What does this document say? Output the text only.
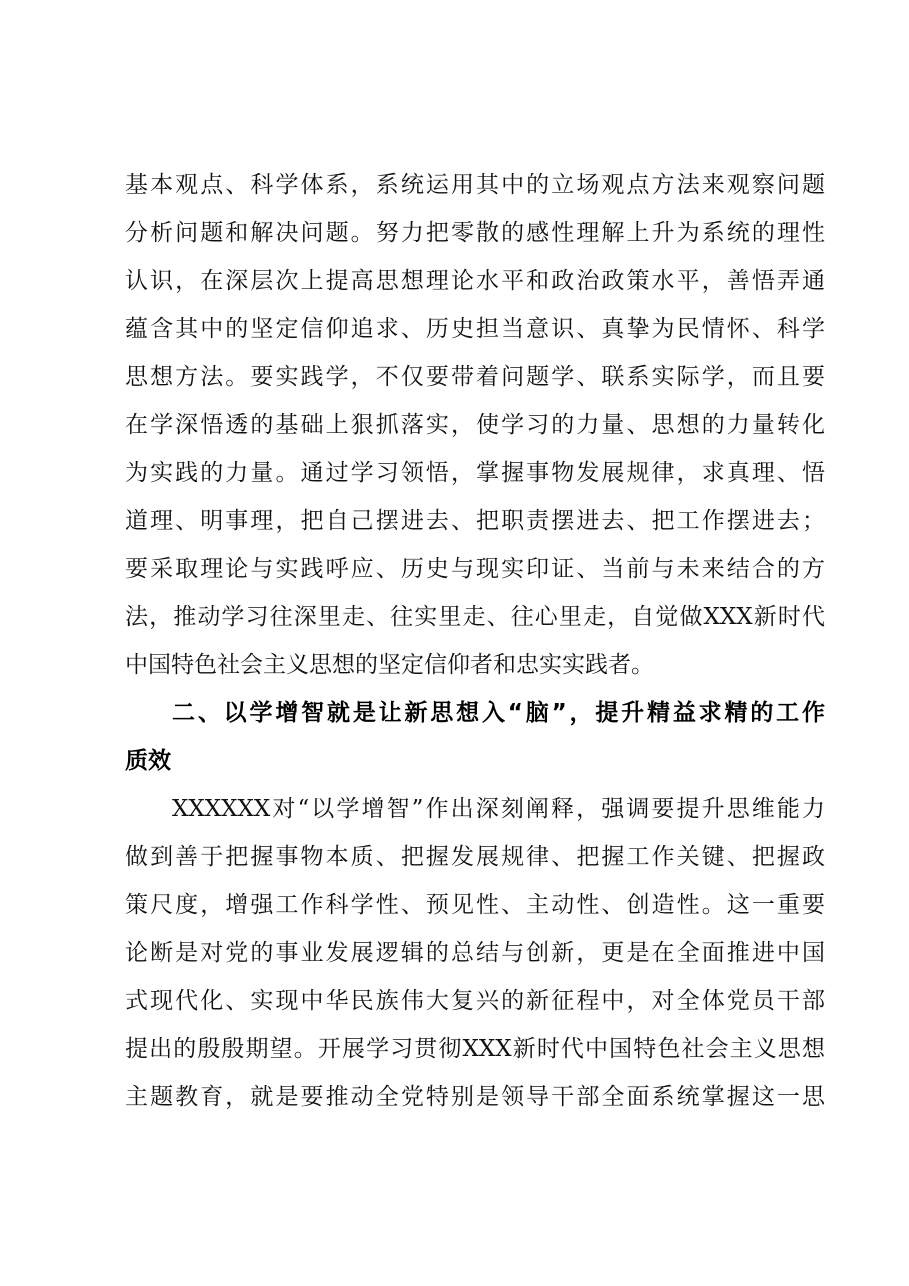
基本观点、科学体系，系统运用其中的立场观点方法来观察问题
分析问题和解决问题。努力把零散的感性理解上升为系统的理性
认识，在深层次上提高思想理论水平和政治政策水平，善悟弄通
蕴含其中的坚定信仰追求、历史担当意识、真挚为民情怀、科学
思想方法。要实践学，不仅要带着问题学、联系实际学，而且要
在学深悟透的基础上狠抓落实，使学习的力量、思想的力量转化
为实践的力量。通过学习领悟，掌握事物发展规律，求真理、悟
道理、明事理，把自己摆进去、把职责摆进去、把工作摆进去；
要采取理论与实践呼应、历史与现实印证、当前与未来结合的方
法，推动学习往深里走、往实里走、往心里走，自觉做XXX新时代
中国特色社会主义思想的坚定信仰者和忠实实践者。
二、以学增智就是让新思想入“脑”，提升精益求精的工作
质效
XXXXXX对“以学增智”作出深刻阐释，强调要提升思维能力
做到善于把握事物本质、把握发展规律、把握工作关键、把握政
策尺度，增强工作科学性、预见性、主动性、创造性。这一重要
论断是对党的事业发展逻辑的总结与创新，更是在全面推进中国
式现代化、实现中华民族伟大复兴的新征程中，对全体党员干部
提出的殷殷期望。开展学习贯彻XXX新时代中国特色社会主义思想
主题教育，就是要推动全党特别是领导干部全面系统掌握这一思
